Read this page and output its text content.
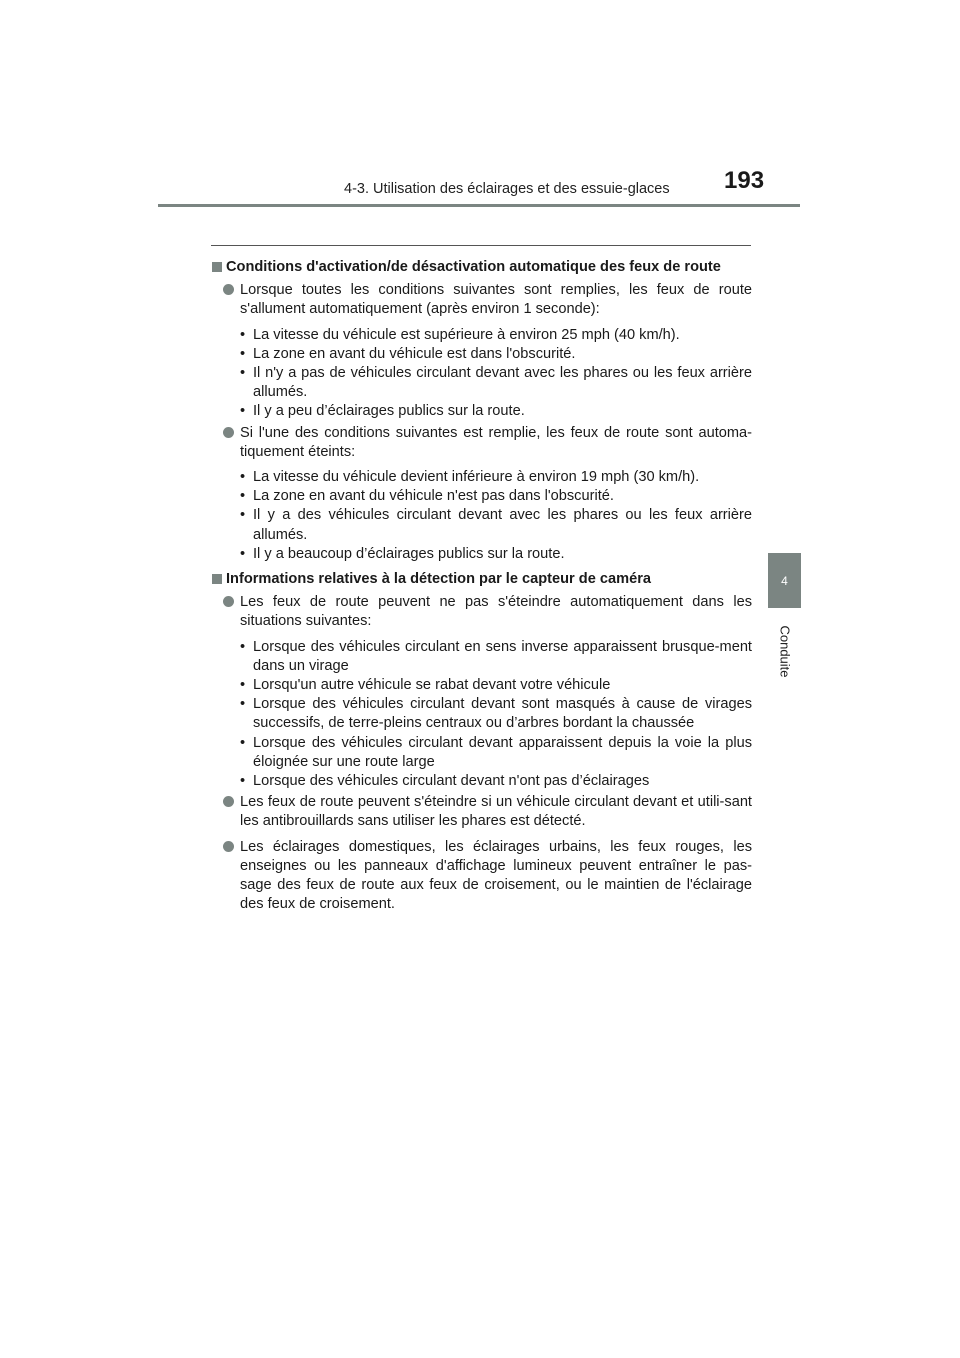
4-3. Utilisation des éclairages et des essuie-glaces 193
4
Conduite
Conditions d'activation/de désactivation automatique des feux de route
Lorsque toutes les conditions suivantes sont remplies, les feux de route s'allument automatiquement (après environ 1 seconde):
• La vitesse du véhicule est supérieure à environ 25 mph (40 km/h).
• La zone en avant du véhicule est dans l'obscurité.
• Il n'y a pas de véhicules circulant devant avec les phares ou les feux arrière allumés.
• Il y a peu d’éclairages publics sur la route.
Si l'une des conditions suivantes est remplie, les feux de route sont automa-tiquement éteints:
• La vitesse du véhicule devient inférieure à environ 19 mph (30 km/h).
• La zone en avant du véhicule n'est pas dans l'obscurité.
• Il y a des véhicules circulant devant avec les phares ou les feux arrière allumés.
• Il y a beaucoup d’éclairages publics sur la route.
Informations relatives à la détection par le capteur de caméra
Les feux de route peuvent ne pas s'éteindre automatiquement dans les situations suivantes:
• Lorsque des véhicules circulant en sens inverse apparaissent brusque-ment dans un virage
• Lorsqu'un autre véhicule se rabat devant votre véhicule
• Lorsque des véhicules circulant devant sont masqués à cause de virages successifs, de terre-pleins centraux ou d’arbres bordant la chaussée
• Lorsque des véhicules circulant devant apparaissent depuis la voie la plus éloignée sur une route large
• Lorsque des véhicules circulant devant n'ont pas d’éclairages
Les feux de route peuvent s'éteindre si un véhicule circulant devant et utili-sant les antibrouillards sans utiliser les phares est détecté.
Les éclairages domestiques, les éclairages urbains, les feux rouges, les enseignes ou les panneaux d'affichage lumineux peuvent entraîner le pas-sage des feux de route aux feux de croisement, ou le maintien de l'éclairage des feux de croisement.
